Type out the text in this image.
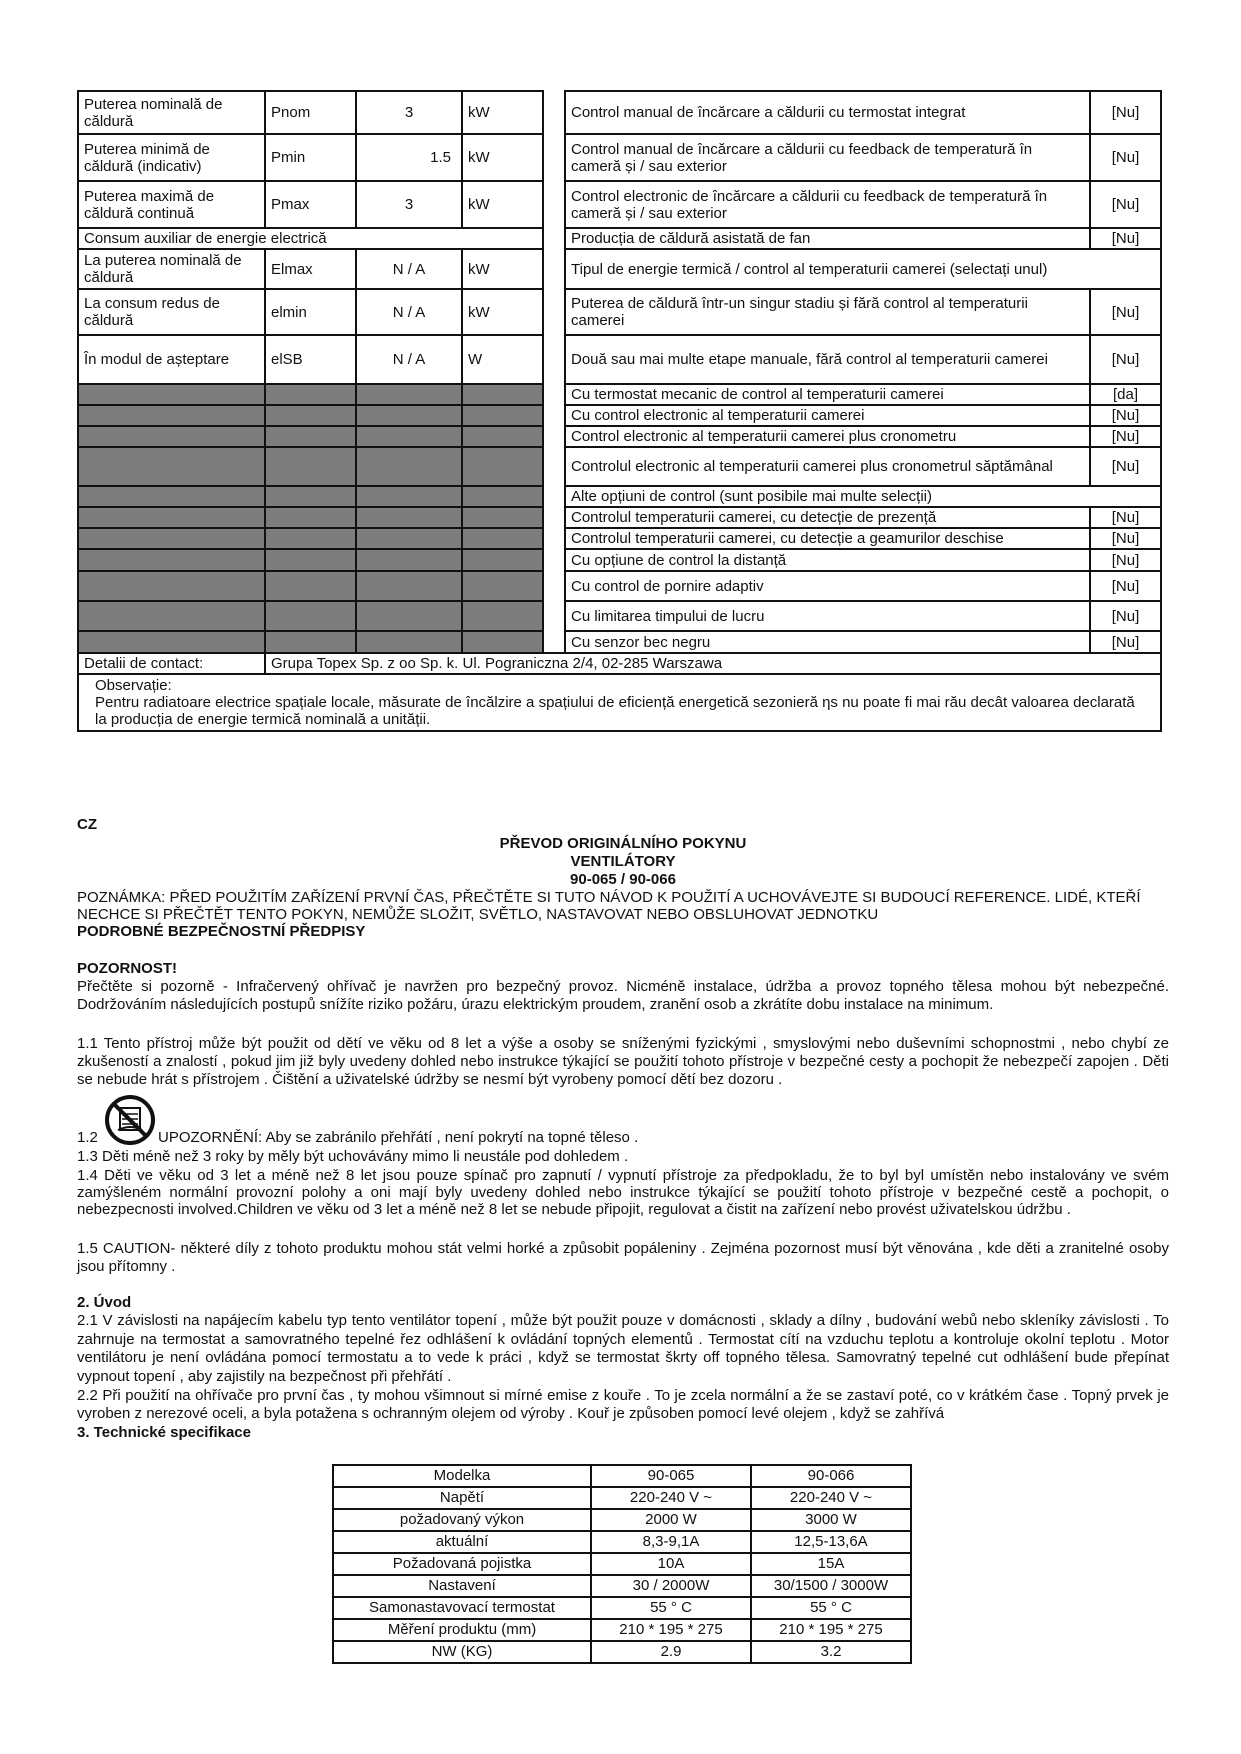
Puterea nominală de căldură	Pnom	3	kW		Control manual de încărcare a căldurii cu termostat integrat	[Nu]
Puterea minimă de căldură (indicativ)	Pmin	1.5	kW		Control manual de încărcare a căldurii cu feedback de temperatură în cameră și / sau exterior	[Nu]
Puterea maximă de căldură continuă	Pmax	3	kW		Control electronic de încărcare a căldurii cu feedback de temperatură în cameră și / sau exterior	[Nu]
Consum auxiliar de energie electrică					Producția de căldură asistată de fan	[Nu]
La puterea nominală de căldură	Elmax	N / A	kW		Tipul de energie termică / control al temperaturii camerei (selectați unul)	
La consum redus de căldură	elmin	N / A	kW		Puterea de căldură într-un singur stadiu și fără control al temperaturii camerei	[Nu]
În modul de așteptare	elSB	N / A	W		Două sau mai multe etape manuale, fără control al temperaturii camerei	[Nu]
					Cu termostat mecanic de control al temperaturii camerei	[da]
					Cu control electronic al temperaturii camerei	[Nu]
					Control electronic al temperaturii camerei plus cronometru	[Nu]
					Controlul electronic al temperaturii camerei plus cronometrul săptămânal	[Nu]
					Alte opțiuni de control (sunt posibile mai multe selecții)	
					Controlul temperaturii camerei, cu detecție de prezență	[Nu]
					Controlul temperaturii camerei, cu detecție a geamurilor deschise	[Nu]
					Cu opțiune de control la distanță	[Nu]
					Cu control de pornire adaptiv	[Nu]
					Cu limitarea timpului de lucru	[Nu]
					Cu senzor bec negru	[Nu]
Detalii de contact:	Grupa Topex Sp. z oo Sp. k. Ul. Pograniczna 2/4, 02-285 Warszawa					

Observație:
Pentru radiatoare electrice spațiale locale, măsurate de încălzire a spațiului de eficiență energetică sezonieră ηs nu poate fi mai rău decât valoarea declarată la producția de energie termică nominală a unității.						
CZ
PŘEVOD ORIGINÁLNÍHO POKYNU
VENTILÁTORY
90-065 / 90-066
POZNÁMKA: PŘED POUŽITÍM ZAŘÍZENÍ PRVNÍ ČAS, PŘEČTĚTE SI TUTO NÁVOD K POUŽITÍ A UCHOVÁVEJTE SI BUDOUCÍ REFERENCE. LIDÉ, KTEŘÍ NECHCE SI PŘEČTĚT TENTO POKYN, NEMŮŽE SLOŽIT, SVĚTLO, NASTAVOVAT NEBO OBSLUHOVAT JEDNOTKU
PODROBNÉ BEZPEČNOSTNÍ PŘEDPISY
POZORNOST!
Přečtěte si pozorně - Infračervený ohřívač je navržen pro bezpečný provoz. Nicméně instalace, údržba a provoz topného tělesa mohou být nebezpečné. Dodržováním následujících postupů snížíte riziko požáru, úrazu elektrickým proudem, zranění osob a zkrátíte dobu instalace na minimum.
1.1 Tento přístroj může být použit od dětí ve věku od 8 let a výše a osoby se sníženými fyzickými , smyslovými nebo duševními schopnostmi , nebo chybí ze zkušeností a znalostí , pokud jim již byly uvedeny dohled nebo instrukce týkající se použití tohoto přístroje v bezpečné cesty a pochopit že nebezpečí zapojen . Děti se nebude hrát s přístrojem . Čištění a uživatelské údržby se nesmí být vyrobeny pomocí dětí bez dozoru .
1.2	UPOZORNĚNÍ: Aby se zabránilo přehřátí , není pokrytí na topné těleso .
1.3 Děti méně než 3 roky by měly být uchovávány mimo li neustále pod dohledem .
1.4 Děti ve věku od 3 let a méně než 8 let jsou pouze spínač pro zapnutí / vypnutí přístroje za předpokladu, že to byl byl umístěn nebo instalovány ve svém zamýšleném normální provozní polohy a oni mají byly uvedeny dohled nebo instrukce týkající se použití tohoto přístroje v bezpečné cestě a pochopit, o nebezpecnosti involved.Children ve věku od 3 let a méně než 8 let se nebude připojit, regulovat a čistit na zařízení nebo provést uživatelskou údržbu .
1.5 CAUTION- některé díly z tohoto produktu mohou stát velmi horké a způsobit popáleniny . Zejména pozornost musí být věnována , kde děti a zranitelné osoby jsou přítomny .
2. Úvod
2.1 V závislosti na napájecím kabelu typ tento ventilátor topení , může být použit pouze v domácnosti , sklady a dílny , budování webů nebo skleníky závislosti . To zahrnuje na termostat a samovratného tepelné řez odhlášení k ovládání topných elementů . Termostat cítí na vzduchu teplotu a kontroluje okolní teplotu . Motor ventilátoru je není ovládána pomocí termostatu a to vede k práci , když se termostat škrty off topného tělesa. Samovratný tepelné cut odhlášení bude přepínat vypnout topení , aby zajistily na bezpečnost při přehřátí .
2.2 Při použití na ohřívače pro první čas , ty mohou všimnout si mírné emise z kouře . To je zcela normální a že se zastaví poté, co v krátkém čase . Topný prvek je vyroben z nerezové oceli, a byla potažena s ochranným olejem od výroby . Kouř je způsoben pomocí levé olejem , když se zahřívá
3. Technické specifikace
Modelka	90-065	90-066
Napětí	220-240 V ~	220-240 V ~
požadovaný výkon	2000 W	3000 W
aktuální	8,3-9,1A	12,5-13,6A
Požadovaná pojistka	10A	15A
Nastavení	30 / 2000W	30/1500 / 3000W
Samonastavovací termostat	55 ° C	55 ° C
Měření produktu (mm)	210 * 195 * 275	210 * 195 * 275
NW (KG)	2.9	3.2
